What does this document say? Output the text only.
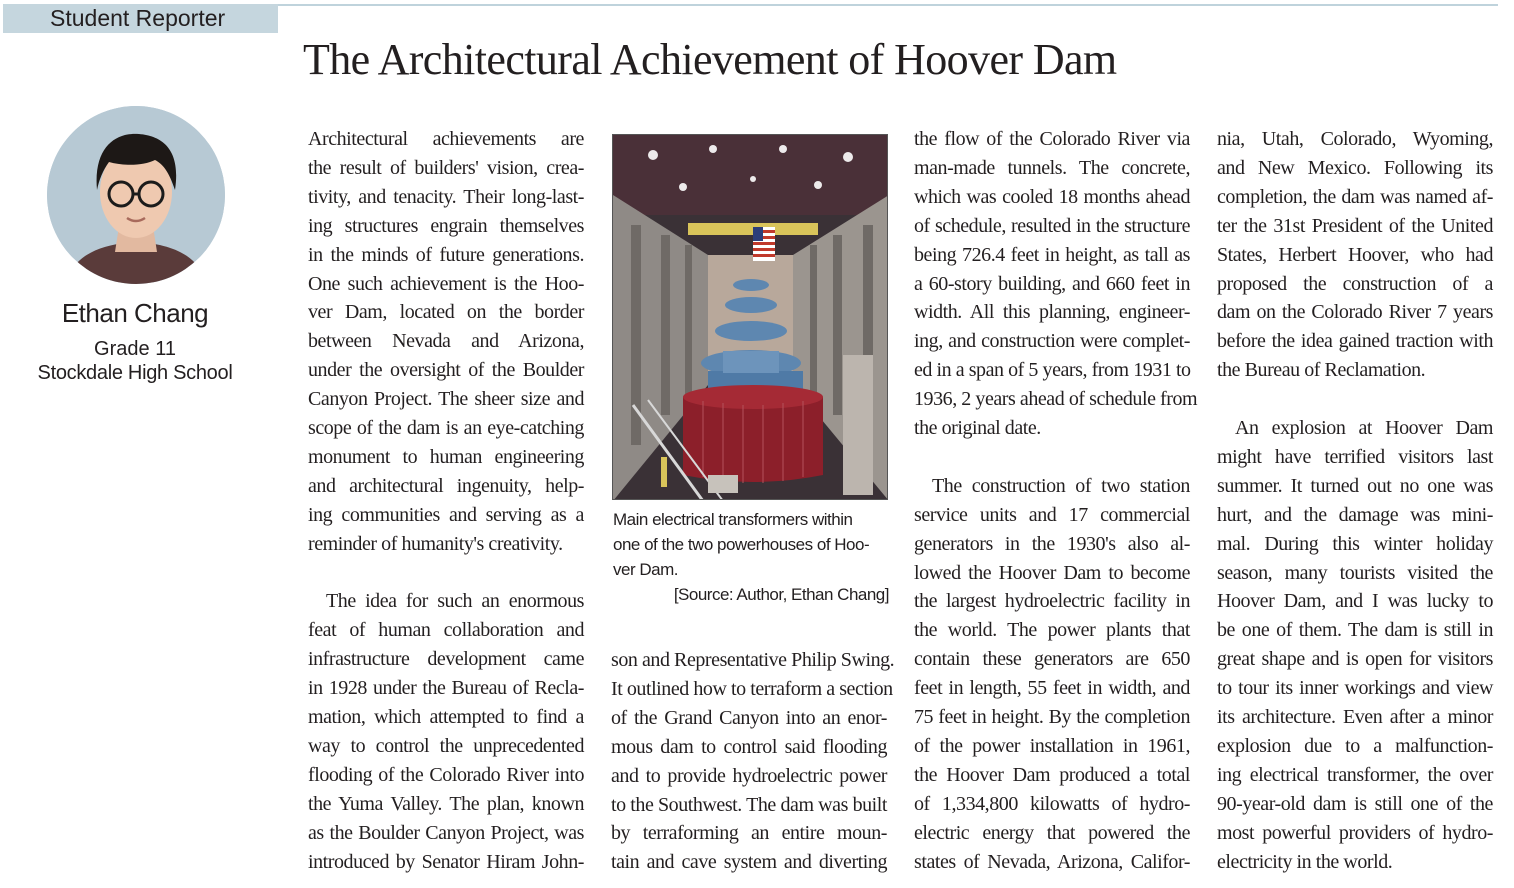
Student Reporter
The Architectural Achievement of Hoover Dam

Ethan Chang

Grade 11

Stockdale High School

Architectural achievements are
the result of builders' vision, crea-
tivity, and tenacity. Their long-last-
ing structures engrain themselves
in the minds of future generations.
One such achievement is the Hoo-
ver Dam, located on the border
between Nevada and Arizona,
under the oversight of the Boulder
Canyon Project. The sheer size and
scope of the dam is an eye-catching
monument to human engineering
and architectural ingenuity, help-
ing communities and serving as a
reminder of humanity's creativity.

The idea for such an enormous
feat of human collaboration and
infrastructure development came
in 1928 under the Bureau of Recla-
mation, which attempted to find a
way to control the unprecedented
flooding of the Colorado River into
the Yuma Valley. The plan, known
as the Boulder Canyon Project, was
introduced by Senator Hiram John-

Main electrical transformers within
one of the two powerhouses of Hoo-
ver Dam.
[Source: Author, Ethan Chang]

son and Representative Philip Swing.
It outlined how to terraform a section
of the Grand Canyon into an enor-
mous dam to control said flooding
and to provide hydroelectric power
to the Southwest. The dam was built
by terraforming an entire moun-
tain and cave system and diverting

the flow of the Colorado River via
man-made tunnels. The concrete,
which was cooled 18 months ahead
of schedule, resulted in the structure
being 726.4 feet in height, as tall as
a 60-story building, and 660 feet in
width. All this planning, engineer-
ing, and construction were complet-
ed in a span of 5 years, from 1931 to
1936, 2 years ahead of schedule from
the original date.

The construction of two station
service units and 17 commercial
generators in the 1930's also al-
lowed the Hoover Dam to become
the largest hydroelectric facility in
the world. The power plants that
contain these generators are 650
feet in length, 55 feet in width, and
75 feet in height. By the completion
of the power installation in 1961,
the Hoover Dam produced a total
of 1,334,800 kilowatts of hydro-
electric energy that powered the
states of Nevada, Arizona, Califor-

nia, Utah, Colorado, Wyoming,
and New Mexico. Following its
completion, the dam was named af-
ter the 31st President of the United
States, Herbert Hoover, who had
proposed the construction of a
dam on the Colorado River 7 years
before the idea gained traction with
the Bureau of Reclamation.

An explosion at Hoover Dam
might have terrified visitors last
summer. It turned out no one was
hurt, and the damage was mini-
mal. During this winter holiday
season, many tourists visited the
Hoover Dam, and I was lucky to
be one of them. The dam is still in
great shape and is open for visitors
to tour its inner workings and view
its architecture. Even after a minor
explosion due to a malfunction-
ing electrical transformer, the over
90-year-old dam is still one of the
most powerful providers of hydro-
electricity in the world.
